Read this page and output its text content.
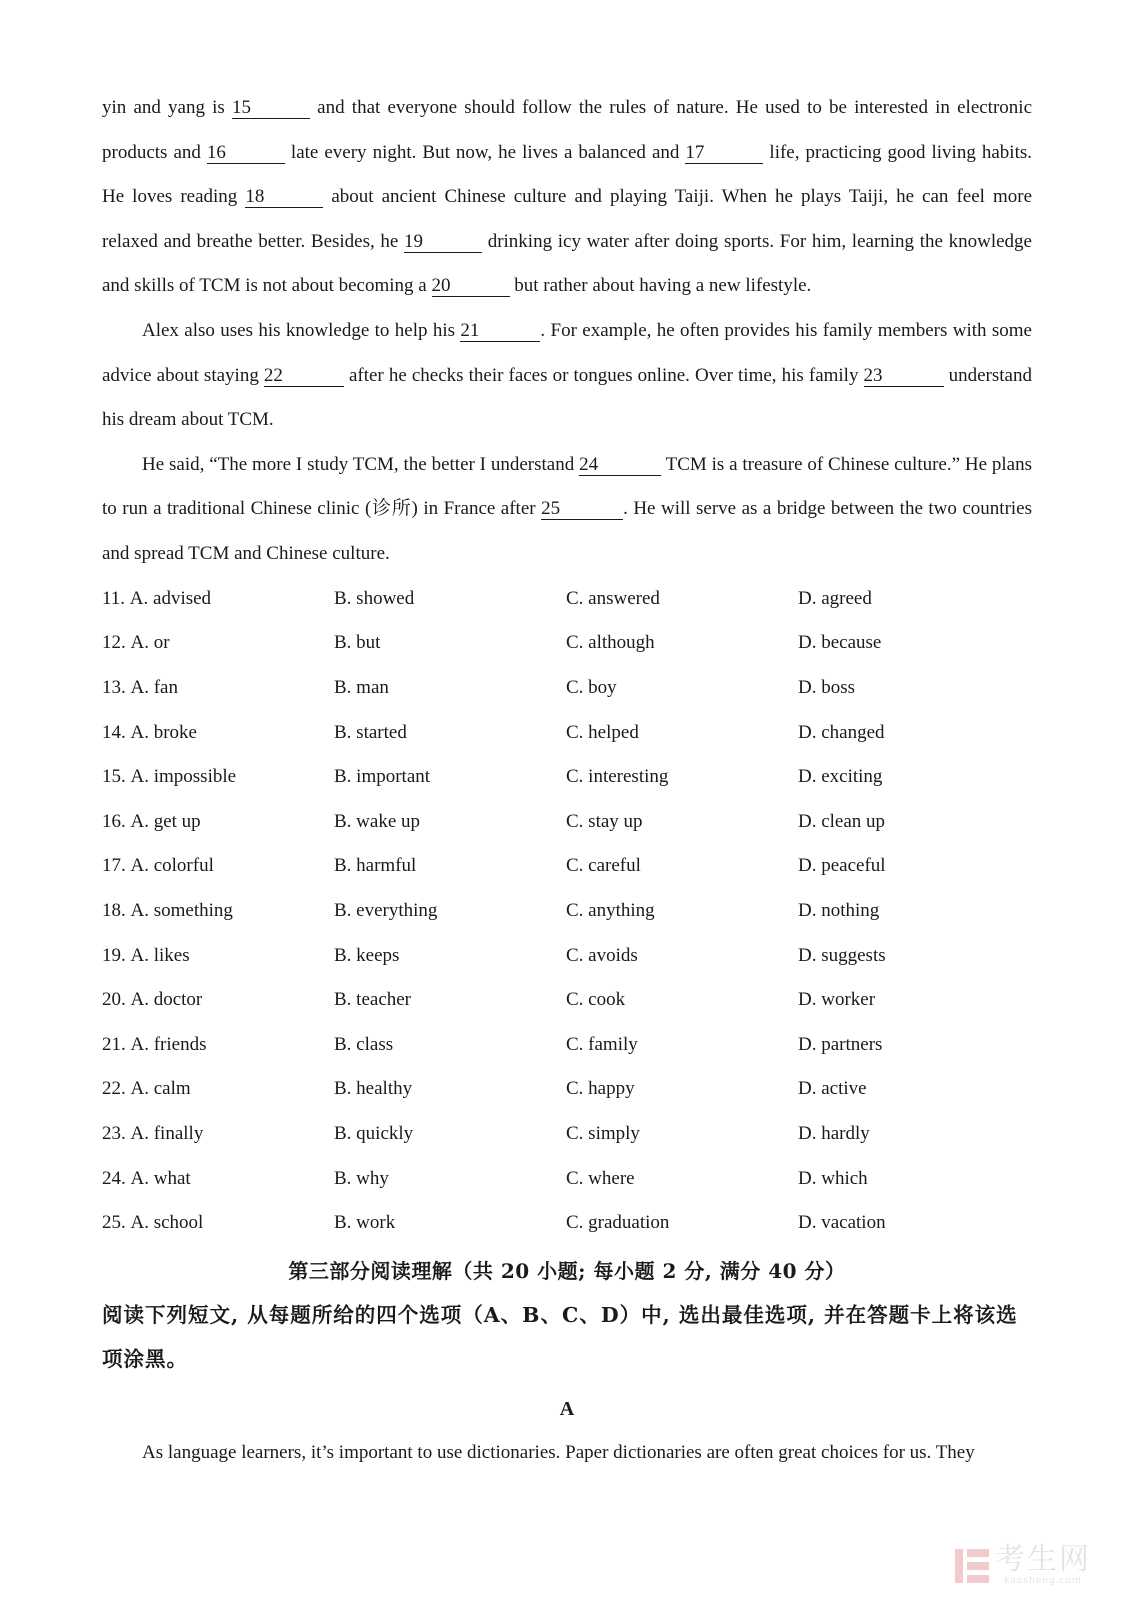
yin and yang is 15	and that everyone should follow the rules of nature. He used to be interested in electronic products and 16	late every night. But now, he lives a balanced and 17	life, practicing good living habits. He loves reading 18	about ancient Chinese culture and playing Taiji. When he plays Taiji, he can feel more relaxed and breathe better. Besides, he 19	drinking icy water after doing sports. For him, learning the knowledge and skills of TCM is not about becoming a 20	but rather about having a new lifestyle.

Alex also uses his knowledge to help his 21	. For example, he often provides his family members with some advice about staying 22	after he checks their faces or tongues online. Over time, his family 23	understand his dream about TCM.

He said, “The more I study TCM, the better I understand 24	TCM is a treasure of Chinese culture.” He plans to run a traditional Chinese clinic (诊所) in France after 25	. He will serve as a bridge between the two countries and spread TCM and Chinese culture.

11. A. advised	B. showed	C. answered	D. agreed
12. A. or	B. but	C. although	D. because
13. A. fan	B. man	C. boy	D. boss
14. A. broke	B. started	C. helped	D. changed
15. A. impossible	B. important	C. interesting	D. exciting
16. A. get up	B. wake up	C. stay up	D. clean up
17. A. colorful	B. harmful	C. careful	D. peaceful
18. A. something	B. everything	C. anything	D. nothing
19. A. likes	B. keeps	C. avoids	D. suggests
20. A. doctor	B. teacher	C. cook	D. worker
21. A. friends	B. class	C. family	D. partners
22. A. calm	B. healthy	C. happy	D. active
23. A. finally	B. quickly	C. simply	D. hardly
24. A. what	B. why	C. where	D. which
25. A. school	B. work	C. graduation	D. vacation
第三部分阅读理解（共 20 小题; 每小题 2 分, 满分 40 分）

阅读下列短文, 从每题所给的四个选项（A、B、C、D）中, 选出最佳选项, 并在答题卡上将该选项涂黑。

A

As language learners, it’s important to use dictionaries. Paper dictionaries are often great choices for us. They

考生网
kaosheng.com
